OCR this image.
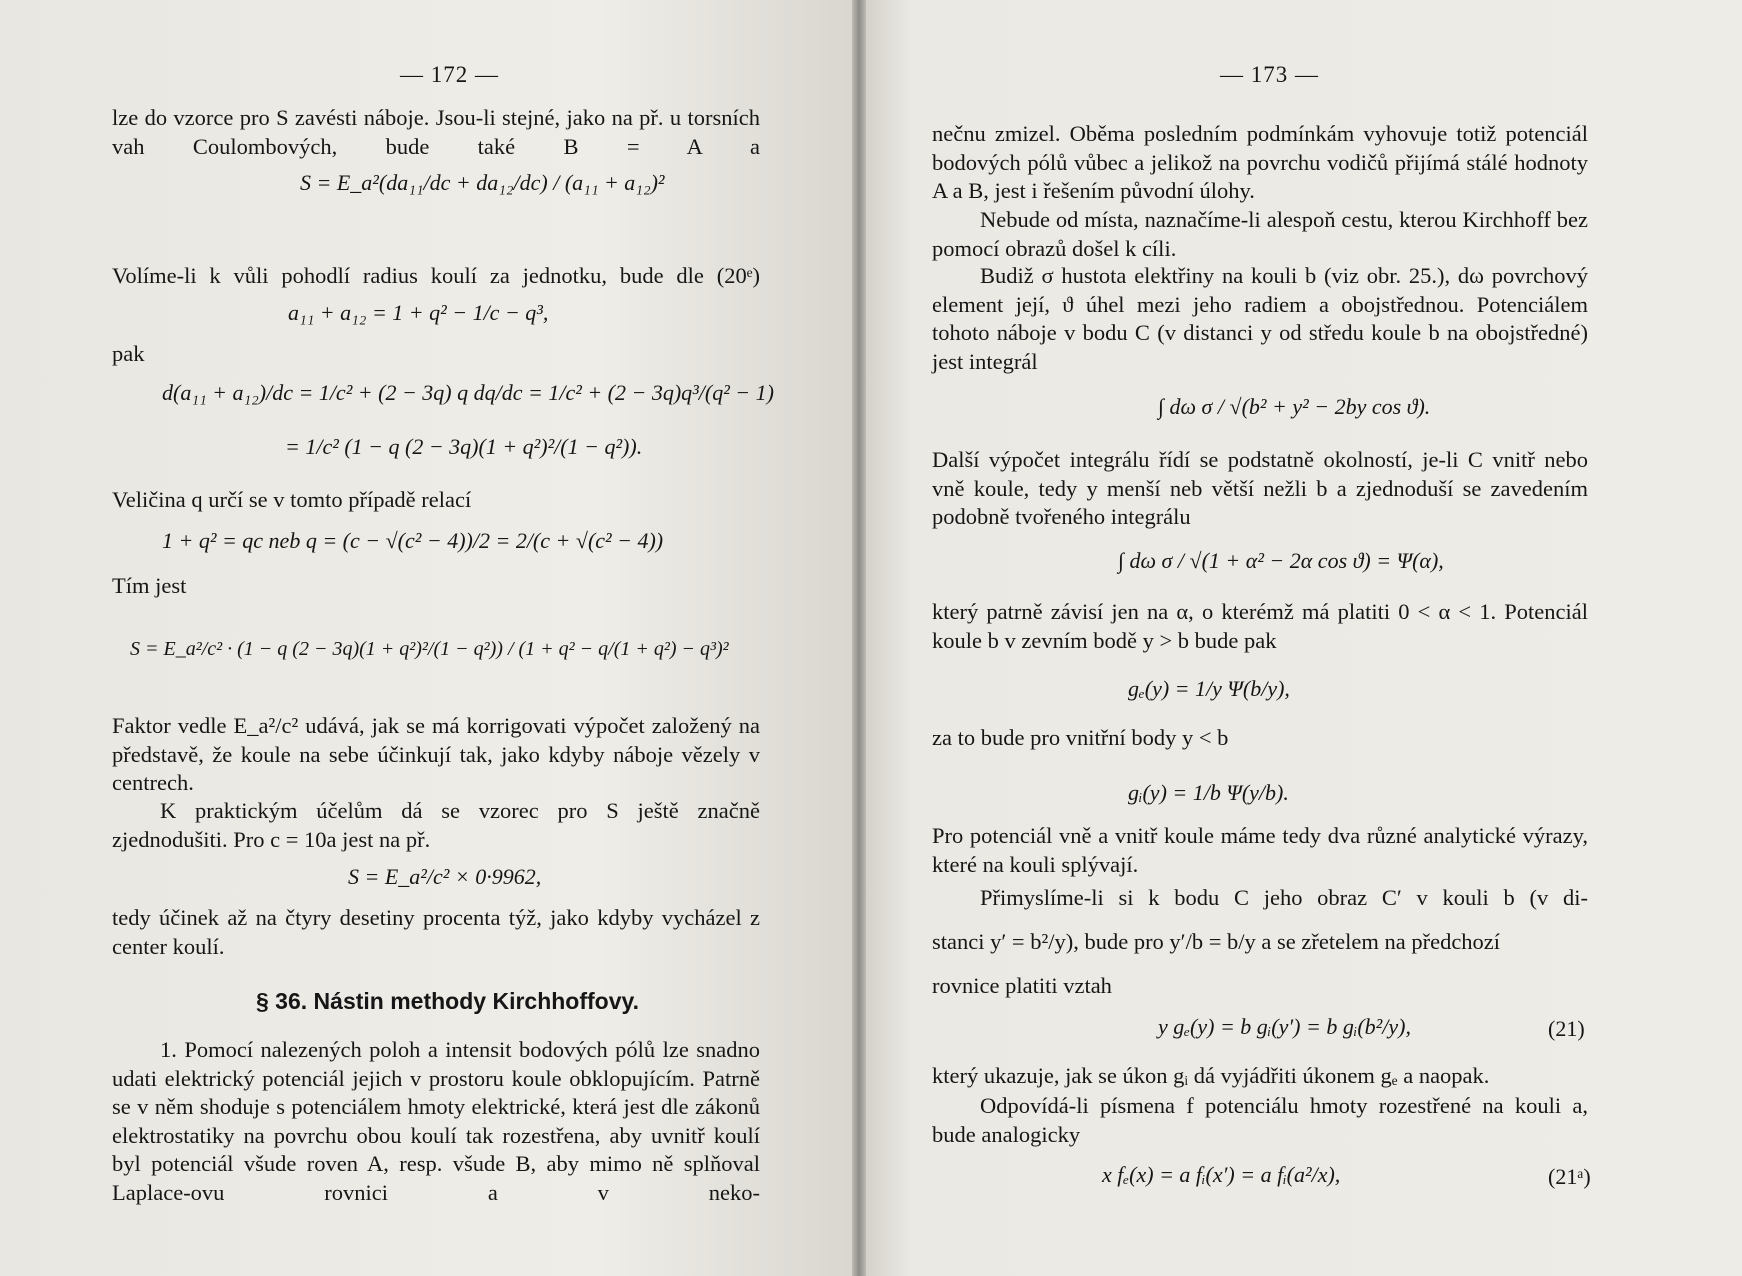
— 172 —
lze do vzorce pro S zavésti náboje. Jsou-li stejné, jako na př. u torsních vah Coulombových, bude také B = A a
S = E_a²(da₁₁/dc + da₁₂/dc) / (a₁₁ + a₁₂)²
Volíme-li k vůli pohodlí radius koulí za jednotku, bude dle (20ᵉ)
a₁₁ + a₁₂ = 1 + q² − 1/c − q³,
pak
d(a₁₁ + a₁₂)/dc = 1/c² + (2 − 3q) q dq/dc = 1/c² + (2 − 3q)q³/(q² − 1)
= 1/c² (1 − q (2 − 3q)(1 + q²)²/(1 − q²)).
Veličina q určí se v tomto případě relací
1 + q² = qc neb q = (c − √(c² − 4))/2 = 2/(c + √(c² − 4))
Tím jest
S = E_a²/c² · (1 − q (2 − 3q)(1 + q²)²/(1 − q²)) / (1 + q² − q/(1 + q²) − q³)²
Faktor vedle E_a²/c² udává, jak se má korrigovati výpočet založený na představě, že koule na sebe účinkují tak, jako kdyby náboje vězely v centrech.
K praktickým účelům dá se vzorec pro S ještě značně zjednodušiti. Pro c = 10a jest na př.
S = E_a²/c² × 0·9962,
tedy účinek až na čtyry desetiny procenta týž, jako kdyby vycházel z center koulí.
§ 36. Nástin methody Kirchhoffovy.
1. Pomocí nalezených poloh a intensit bodových pólů lze snadno udati elektrický potenciál jejich v prostoru koule obklopujícím. Patrně se v něm shoduje s potenciálem hmoty elektrické, která jest dle zákonů elektrostatiky na povrchu obou koulí tak rozestřena, aby uvnitř koulí byl potenciál všude roven A, resp. všude B, aby mimo ně splňoval Laplace-ovu rovnici a v neko-
— 173 —
nečnu zmizel. Oběma posledním podmínkám vyhovuje totiž potenciál bodových pólů vůbec a jelikož na povrchu vodičů přijímá stálé hodnoty A a B, jest i řešením původní úlohy.
Nebude od místa, naznačíme-li alespoň cestu, kterou Kirchhoff bez pomocí obrazů došel k cíli.
Budiž σ hustota elektřiny na kouli b (viz obr. 25.), dω povrchový element její, ϑ úhel mezi jeho radiem a obojstřednou. Potenciálem tohoto náboje v bodu C (v distanci y od středu koule b na obojstředné) jest integrál
∫ dω σ / √(b² + y² − 2by cos ϑ).
Další výpočet integrálu řídí se podstatně okolností, je-li C vnitř nebo vně koule, tedy y menší neb větší nežli b a zjednoduší se zavedením podobně tvořeného integrálu
∫ dω σ / √(1 + α² − 2α cos ϑ) = Ψ(α),
který patrně závisí jen na α, o kterémž má platiti 0 < α < 1. Potenciál koule b v zevním bodě y > b bude pak
gₑ(y) = 1/y Ψ(b/y),
za to bude pro vnitřní body y < b
gᵢ(y) = 1/b Ψ(y/b).
Pro potenciál vně a vnitř koule máme tedy dva různé analytické výrazy, které na kouli splývají.
Přimyslíme-li si k bodu C jeho obraz C′ v kouli b (v di-
stanci y′ = b²/y), bude pro y′/b = b/y a se zřetelem na předchozí
rovnice platiti vztah
y gₑ(y) = b gᵢ(y′) = b gᵢ(b²/y),	(21)
který ukazuje, jak se úkon gᵢ dá vyjádřiti úkonem gₑ a naopak.
Odpovídá-li písmena f potenciálu hmoty rozestřené na kouli a, bude analogicky
x fₑ(x) = a fᵢ(x′) = a fᵢ(a²/x),	(21ᵃ)
